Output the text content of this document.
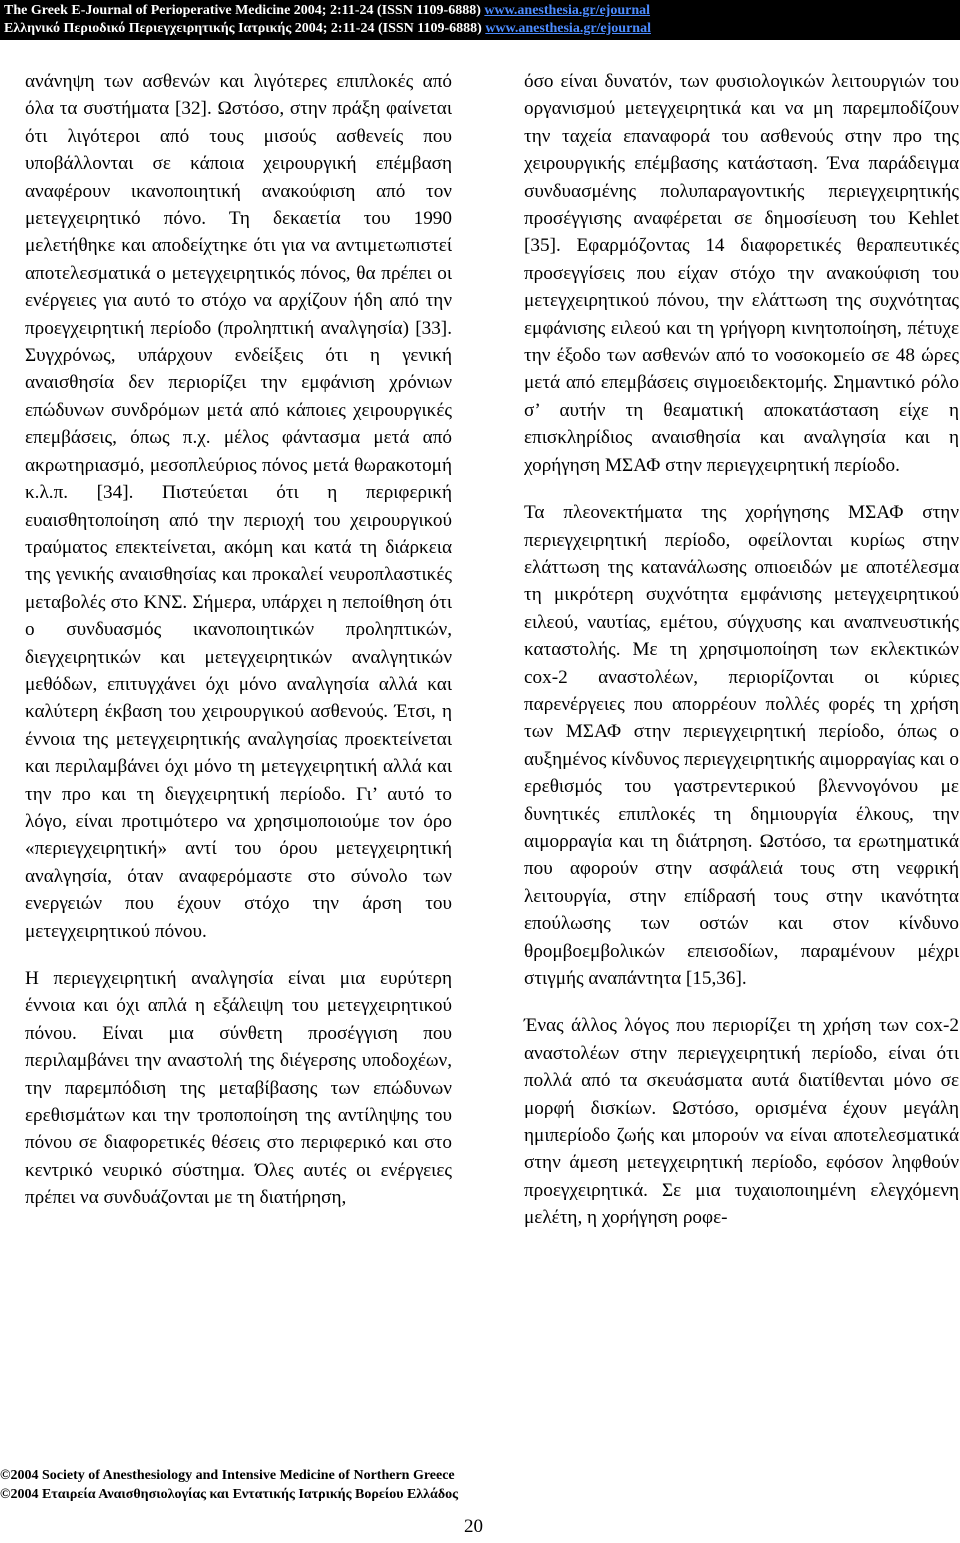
The Greek E-Journal of Perioperative Medicine 2004; 2:11-24 (ISSN 1109-6888) www.anesthesia.gr/ejournal
Ελληνικό Περιοδικό Περιεγχειρητικής Ιατρικής 2004; 2:11-24 (ISSN 1109-6888) www.anesthesia.gr/ejournal

ανάνηψη των ασθενών και λιγότερες επιπλοκές από όλα τα συστήματα [32]. Ωστόσο, στην πράξη φαίνεται ότι λιγότεροι από τους μισούς ασθενείς που υποβάλλονται σε κάποια χειρουργική επέμβαση αναφέρουν ικανοποιητική ανακούφιση από τον μετεγχειρητικό πόνο. Τη δεκαετία του 1990 μελετήθηκε και αποδείχτηκε ότι για να αντιμετωπιστεί αποτελεσματικά ο μετεγχειρητικός πόνος, θα πρέπει οι ενέργειες για αυτό το στόχο να αρχίζουν ήδη από την προεγχειρητική περίοδο (προληπτική αναλγησία) [33]. Συγχρόνως, υπάρχουν ενδείξεις ότι η γενική αναισθησία δεν περιορίζει την εμφάνιση χρόνιων επώδυνων συνδρόμων μετά από κάποιες χειρουργικές επεμβάσεις, όπως π.χ. μέλος φάντασμα μετά από ακρωτηριασμό, μεσοπλεύριος πόνος μετά θωρακοτομή κ.λ.π. [34]. Πιστεύεται ότι η περιφερική ευαισθητοποίηση από την περιοχή του χειρουργικού τραύματος επεκτείνεται, ακόμη και κατά τη διάρκεια της γενικής αναισθησίας και προκαλεί νευροπλαστικές μεταβολές στο ΚΝΣ. Σήμερα, υπάρχει η πεποίθηση ότι ο συνδυασμός ικανοποιητικών προληπτικών, διεγχειρητικών και μετεγχειρητικών αναλγητικών μεθόδων, επιτυγχάνει όχι μόνο αναλγησία αλλά και καλύτερη έκβαση του χειρουργικού ασθενούς. Έτσι, η έννοια της μετεγχειρητικής αναλγησίας προεκτείνεται και περιλαμβάνει όχι μόνο τη μετεγχειρητική αλλά και την προ και τη διεγχειρητική περίοδο. Γι’ αυτό το λόγο, είναι προτιμότερο να χρησιμοποιούμε τον όρο «περιεγχειρητική» αντί του όρου μετεγχειρητική αναλγησία, όταν αναφερόμαστε στο σύνολο των ενεργειών που έχουν στόχο την άρση του μετεγχειρητικού πόνου.

Η περιεγχειρητική αναλγησία είναι μια ευρύτερη έννοια και όχι απλά η εξάλειψη του μετεγχειρητικού πόνου. Είναι μια σύνθετη προσέγγιση που περιλαμβάνει την αναστολή της διέγερσης υποδοχέων, την παρεμπόδιση της μεταβίβασης των επώδυνων ερεθισμάτων και την τροποποίηση της αντίληψης του πόνου σε διαφορετικές θέσεις στο περιφερικό και στο κεντρικό νευρικό σύστημα. Όλες αυτές οι ενέργειες πρέπει να συνδυάζονται με τη διατήρηση,

όσο είναι δυνατόν, των φυσιολογικών λειτουργιών του οργανισμού μετεγχειρητικά και να μη παρεμποδίζουν την ταχεία επαναφορά του ασθενούς στην προ της χειρουργικής επέμβασης κατάσταση. Ένα παράδειγμα συνδυασμένης πολυπαραγοντικής περιεγχειρητικής προσέγγισης αναφέρεται σε δημοσίευση του Kehlet [35]. Εφαρμόζοντας 14 διαφορετικές θεραπευτικές προσεγγίσεις που είχαν στόχο την ανακούφιση του μετεγχειρητικού πόνου, την ελάττωση της συχνότητας εμφάνισης ειλεού και τη γρήγορη κινητοποίηση, πέτυχε την έξοδο των ασθενών από το νοσοκομείο σε 48 ώρες μετά από επεμβάσεις σιγμοειδεκτομής. Σημαντικό ρόλο σ’ αυτήν τη θεαματική αποκατάσταση είχε η επισκληρίδιος αναισθησία και αναλγησία και η χορήγηση ΜΣΑΦ στην περιεγχειρητική περίοδο.

Τα πλεονεκτήματα της χορήγησης ΜΣΑΦ στην περιεγχειρητική περίοδο, οφείλονται κυρίως στην ελάττωση της κατανάλωσης οπιοειδών με αποτέλεσμα τη μικρότερη συχνότητα εμφάνισης μετεγχειρητικού ειλεού, ναυτίας, εμέτου, σύγχυσης και αναπνευστικής καταστολής. Με τη χρησιμοποίηση των εκλεκτικών cox-2 αναστολέων, περιορίζονται οι κύριες παρενέργειες που απορρέουν πολλές φορές τη χρήση των ΜΣΑΦ στην περιεγχειρητική περίοδο, όπως ο αυξημένος κίνδυνος περιεγχειρητικής αιμορραγίας και ο ερεθισμός του γαστρεντερικού βλεννογόνου με δυνητικές επιπλοκές τη δημιουργία έλκους, την αιμορραγία και τη διάτρηση. Ωστόσο, τα ερωτηματικά που αφορούν στην ασφάλειά τους στη νεφρική λειτουργία, στην επίδρασή τους στην ικανότητα επούλωσης των οστών και στον κίνδυνο θρομβοεμβολικών επεισοδίων, παραμένουν μέχρι στιγμής αναπάντητα [15,36].

Ένας άλλος λόγος που περιορίζει τη χρήση των cox-2 αναστολέων στην περιεγχειρητική περίοδο, είναι ότι πολλά από τα σκευάσματα αυτά διατίθενται μόνο σε μορφή δισκίων. Ωστόσο, ορισμένα έχουν μεγάλη ημιπερίοδο ζωής και μπορούν να είναι αποτελεσματικά στην άμεση μετεγχειρητική περίοδο, εφόσον ληφθούν προεγχειρητικά. Σε μια τυχαιοποιημένη ελεγχόμενη μελέτη, η χορήγηση ροφε-

©2004 Society of Anesthesiology and Intensive Medicine of Northern Greece
©2004 Εταιρεία Αναισθησιολογίας και Εντατικής Ιατρικής Βορείου Ελλάδος
20
